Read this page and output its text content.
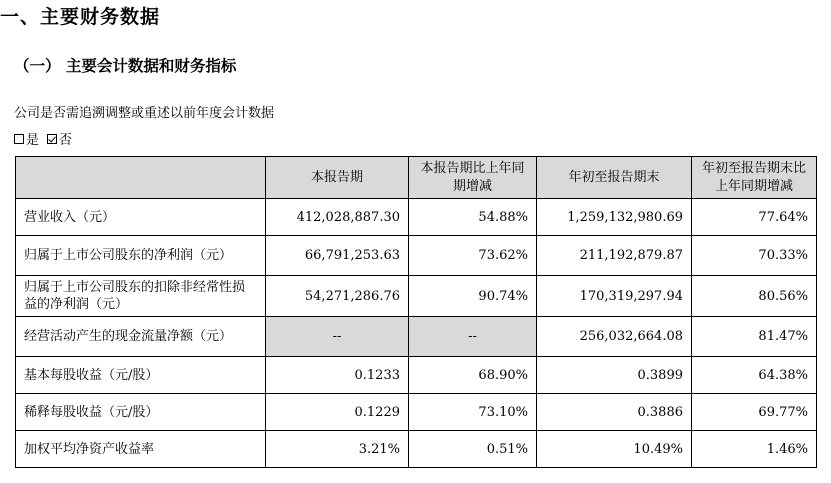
一、主要财务数据
（一） 主要会计数据和财务指标
公司是否需追溯调整或重述以前年度会计数据
是 否
	本报告期	本报告期比上年同期增减	年初至报告期末	年初至报告期末比上年同期增减
营业收入（元）	412,028,887.30	54.88%	1,259,132,980.69	77.64%
归属于上市公司股东的净利润（元）	66,791,253.63	73.62%	211,192,879.87	70.33%
归属于上市公司股东的扣除非经常性损益的净利润（元）	54,271,286.76	90.74%	170,319,297.94	80.56%
经营活动产生的现金流量净额（元）	--	--	256,032,664.08	81.47%
基本每股收益（元/股）	0.1233	68.90%	0.3899	64.38%
稀释每股收益（元/股）	0.1229	73.10%	0.3886	69.77%
加权平均净资产收益率	3.21%	0.51%	10.49%	1.46%
